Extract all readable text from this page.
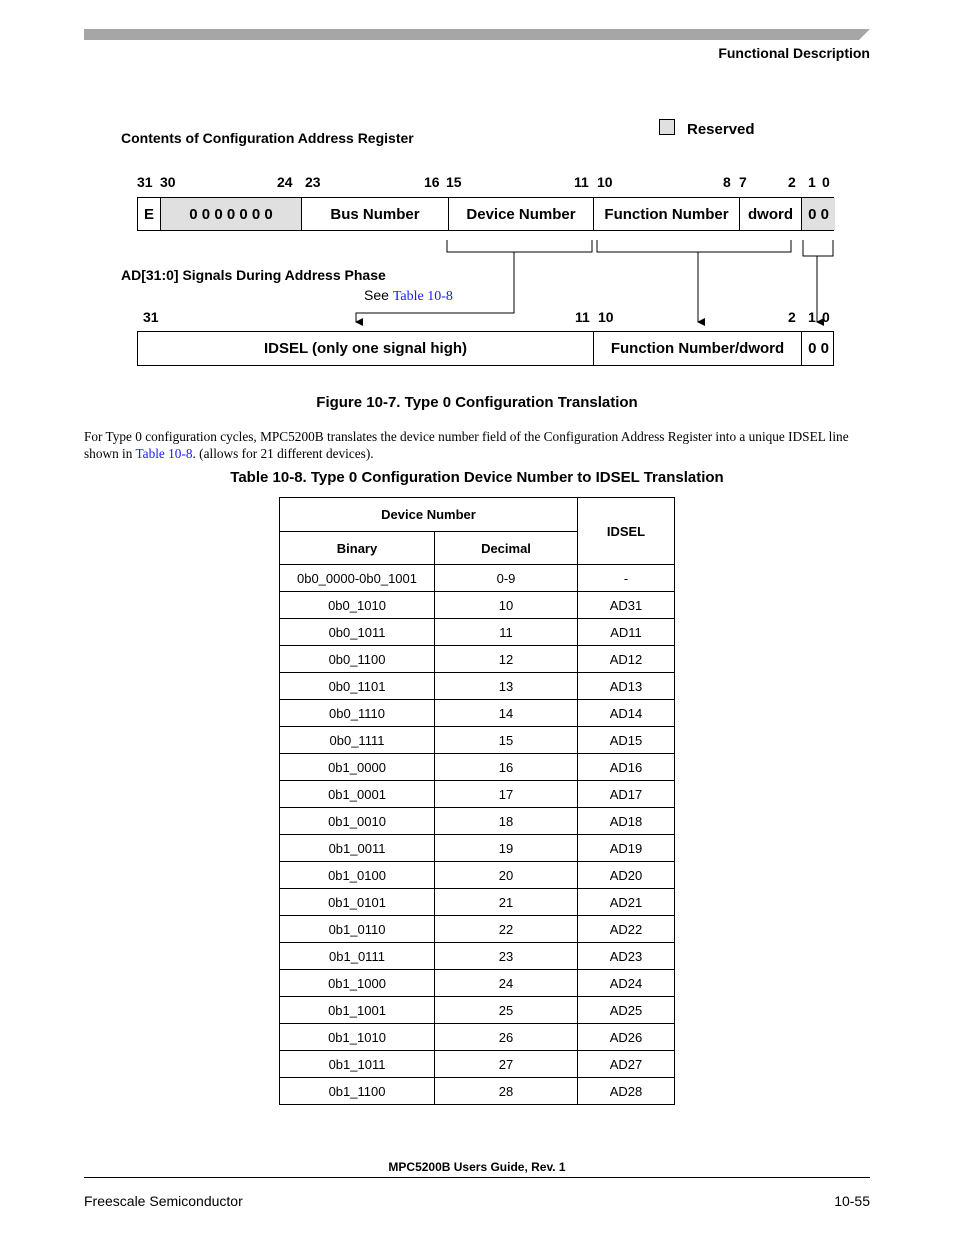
Functional Description
Reserved
Contents of Configuration Address Register
31 30	24 23	16 15	11 10	8 7	2 1 0
E	0 0 0 0 0 0 0	Bus Number	Device Number	Function Number	dword	0 0
AD[31:0] Signals During Address Phase
See Table 10-8
31	11 10	2 1 0
IDSEL (only one signal high)	Function Number/dword	0 0
Figure 10-7. Type 0 Configuration Translation

For Type 0 configuration cycles, MPC5200B translates the device number field of the Configuration Address Register into a unique IDSEL line shown in Table 10-8. (allows for 21 different devices).

Table 10-8. Type 0 Configuration Device Number to IDSEL Translation
Device Number		IDSEL
Binary	Decimal	
0b0_0000-0b0_1001	0-9	-
0b0_1010	10	AD31
0b0_1011	11	AD11
0b0_1100	12	AD12
0b0_1101	13	AD13
0b0_1110	14	AD14
0b0_1111	15	AD15
0b1_0000	16	AD16
0b1_0001	17	AD17
0b1_0010	18	AD18
0b1_0011	19	AD19
0b1_0100	20	AD20
0b1_0101	21	AD21
0b1_0110	22	AD22
0b1_0111	23	AD23
0b1_1000	24	AD24
0b1_1001	25	AD25
0b1_1010	26	AD26
0b1_1011	27	AD27
0b1_1100	28	AD28
MPC5200B Users Guide, Rev. 1
Freescale Semiconductor	10-55
